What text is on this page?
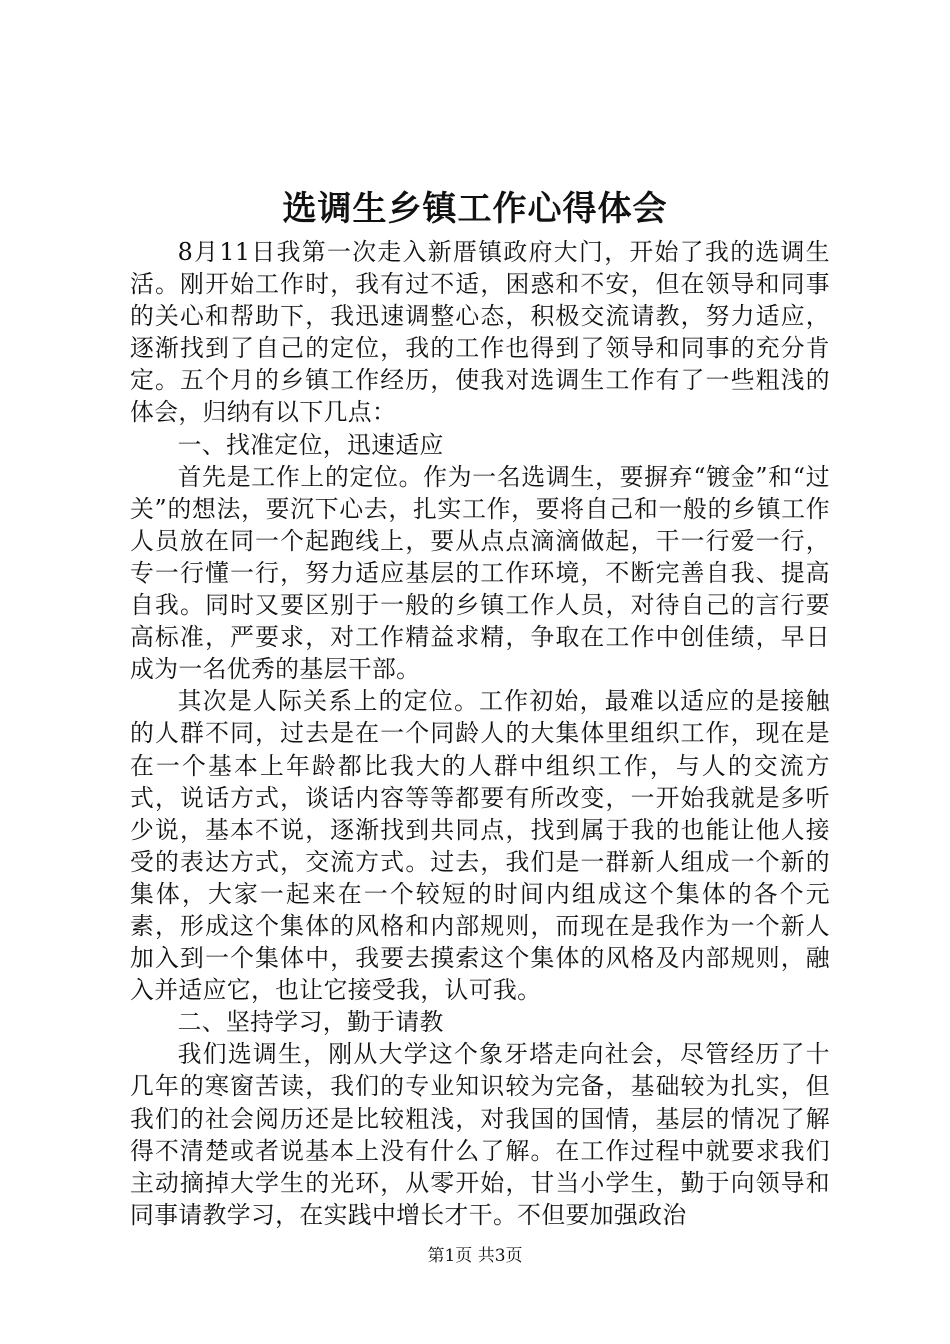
选调生乡镇工作心得体会

8月11日我第一次走入新厝镇政府大门，开始了我的选调生活。刚开始工作时，我有过不适，困惑和不安，但在领导和同事的关心和帮助下，我迅速调整心态，积极交流请教，努力适应，逐渐找到了自己的定位，我的工作也得到了领导和同事的充分肯定。五个月的乡镇工作经历，使我对选调生工作有了一些粗浅的体会，归纳有以下几点：

一、找准定位，迅速适应

首先是工作上的定位。作为一名选调生，要摒弃“镀金”和“过关”的想法，要沉下心去，扎实工作，要将自己和一般的乡镇工作人员放在同一个起跑线上，要从点点滴滴做起，干一行爱一行，专一行懂一行，努力适应基层的工作环境，不断完善自我、提高自我。同时又要区别于一般的乡镇工作人员，对待自己的言行要高标准，严要求，对工作精益求精，争取在工作中创佳绩，早日成为一名优秀的基层干部。

其次是人际关系上的定位。工作初始，最难以适应的是接触的人群不同，过去是在一个同龄人的大集体里组织工作，现在是在一个基本上年龄都比我大的人群中组织工作，与人的交流方式，说话方式，谈话内容等等都要有所改变，一开始我就是多听少说，基本不说，逐渐找到共同点，找到属于我的也能让他人接受的表达方式，交流方式。过去，我们是一群新人组成一个新的集体，大家一起来在一个较短的时间内组成这个集体的各个元素，形成这个集体的风格和内部规则，而现在是我作为一个新人加入到一个集体中，我要去摸索这个集体的风格及内部规则，融入并适应它，也让它接受我，认可我。

二、坚持学习，勤于请教

我们选调生，刚从大学这个象牙塔走向社会，尽管经历了十几年的寒窗苦读，我们的专业知识较为完备，基础较为扎实，但我们的社会阅历还是比较粗浅，对我国的国情，基层的情况了解得不清楚或者说基本上没有什么了解。在工作过程中就要求我们主动摘掉大学生的光环，从零开始，甘当小学生，勤于向领导和同事请教学习，在实践中增长才干。不但要加强政治

第1页 共3页
